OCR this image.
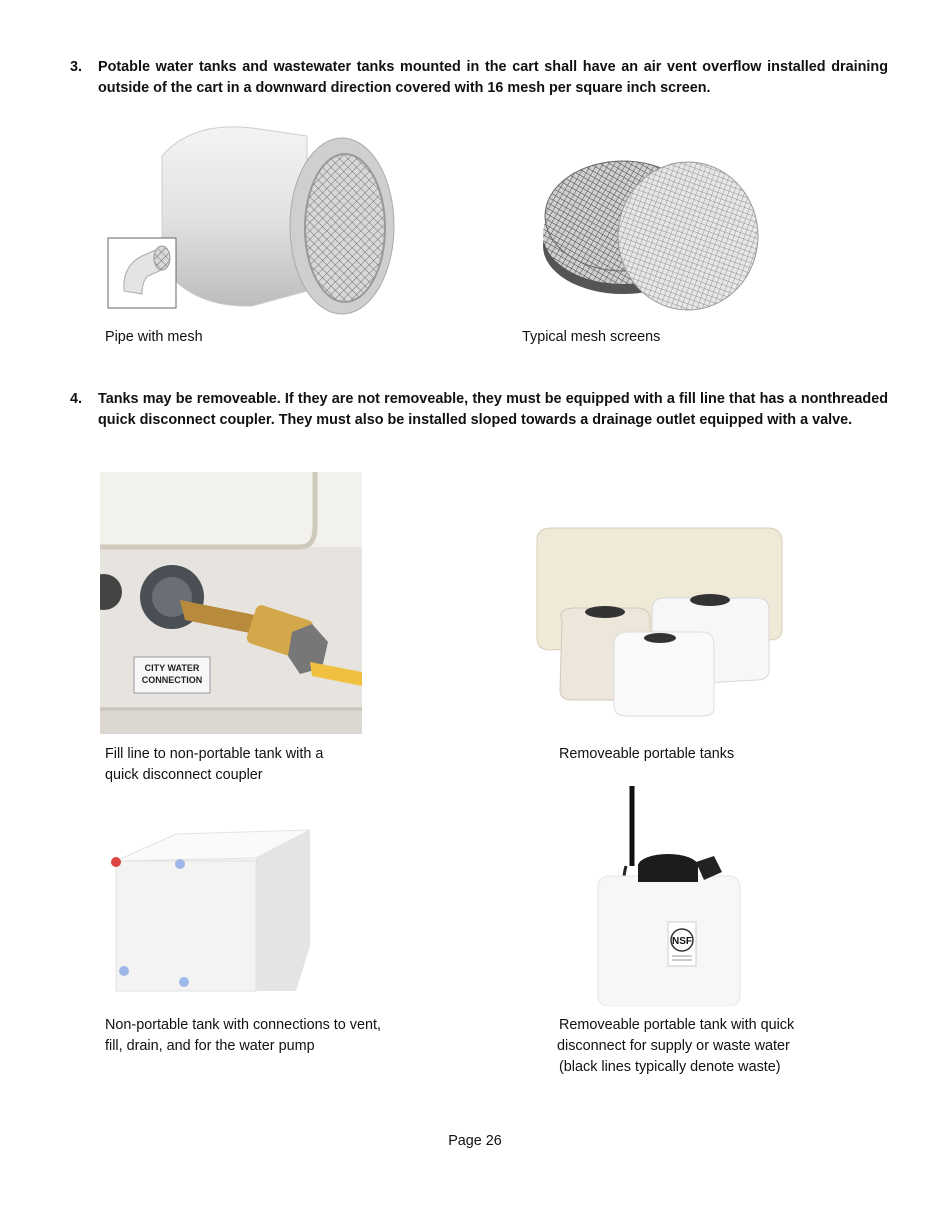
3. Potable water tanks and wastewater tanks mounted in the cart shall have an air vent overflow installed draining outside of the cart in a downward direction covered with 16 mesh per square inch screen.
Pipe with mesh	Typical mesh screens
4. Tanks may be removeable. If they are not removeable, they must be equipped with a fill line that has a nonthreaded quick disconnect coupler. They must also be installed sloped towards a drainage outlet equipped with a valve.
CITY WATER
CONNECTION
Fill line to non-portable tank with a
quick disconnect coupler
Removeable portable tanks
NSF
Non-portable tank with connections to vent,
fill, drain, and for the water pump
Removeable portable tank with quick
disconnect for supply or waste water
(black lines typically denote waste)
Page 26
